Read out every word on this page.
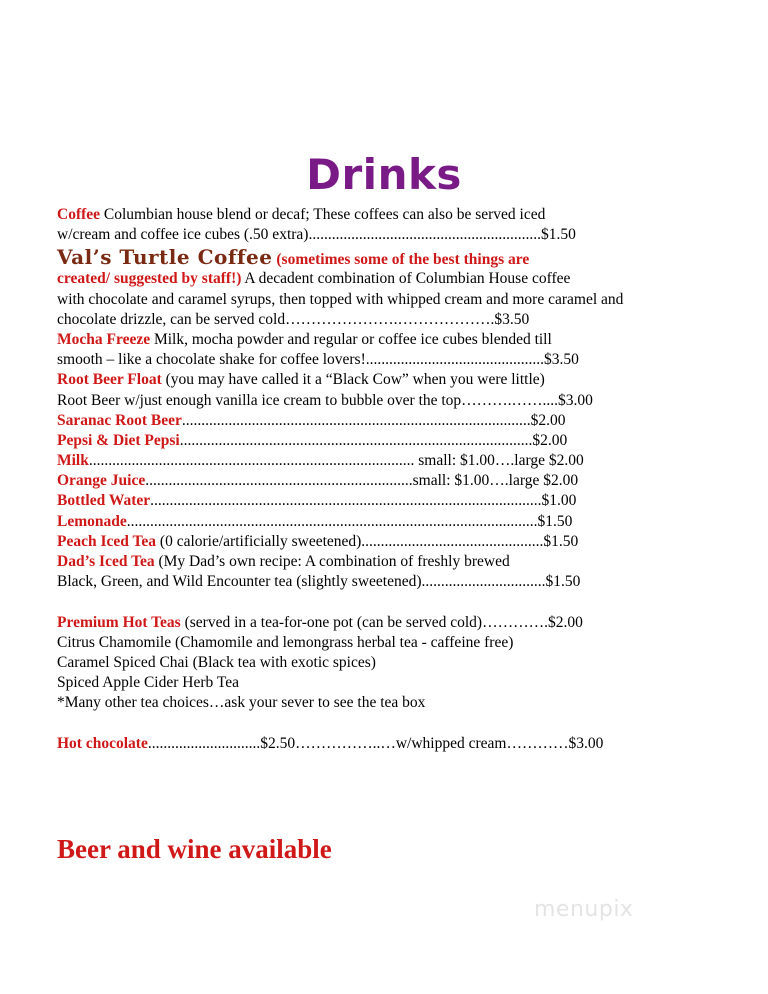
Drinks
Coffee Columbian house blend or decaf; These coffees can also be served iced
w/cream and coffee ice cubes (.50 extra)............................................................$1.50
Val’s Turtle Coffee (sometimes some of the best things are
created/ suggested by staff!) A decadent combination of Columbian House coffee
with chocolate and caramel syrups, then topped with whipped cream and more caramel and
chocolate drizzle, can be served cold………………….……………….$3.50
Mocha Freeze Milk, mocha powder and regular or coffee ice cubes blended till
smooth – like a chocolate shake for coffee lovers!..............................................$3.50
Root Beer Float (you may have called it a “Black Cow” when you were little)
Root Beer w/just enough vanilla ice cream to bubble over the top……….……....$3.00
Saranac Root Beer..........................................................................................$2.00
Pepsi & Diet Pepsi...........................................................................................$2.00
Milk.................................................................................... small: $1.00….large $2.00
Orange Juice.....................................................................small: $1.00….large $2.00
Bottled Water.....................................................................................................$1.00
Lemonade..........................................................................................................$1.50
Peach Iced Tea (0 calorie/artificially sweetened)...............................................$1.50
Dad’s Iced Tea (My Dad’s own recipe: A combination of freshly brewed
Black, Green, and Wild Encounter tea (slightly sweetened)................................$1.50
Premium Hot Teas (served in a tea-for-one pot (can be served cold)………….$2.00
Citrus Chamomile (Chamomile and lemongrass herbal tea - caffeine free)
Caramel Spiced Chai (Black tea with exotic spices)
Spiced Apple Cider Herb Tea
*Many other tea choices…ask your sever to see the tea box
Hot chocolate.............................$2.50……………..…w/whipped cream…………$3.00
Beer and wine available
menupix
